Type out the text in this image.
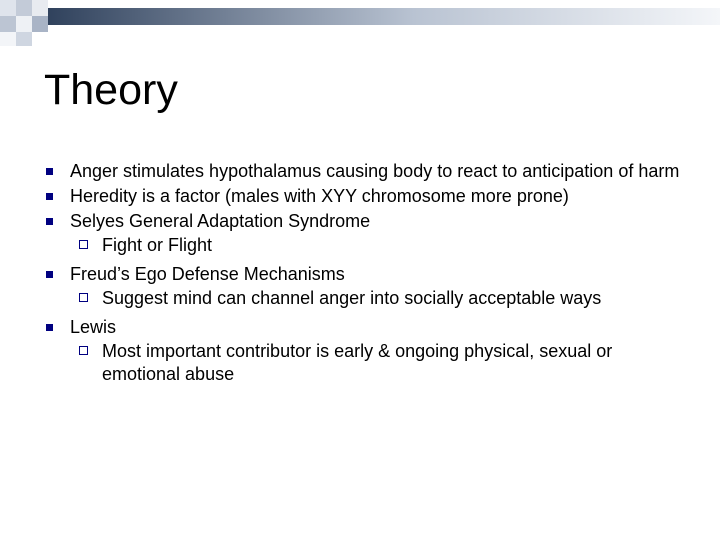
Theory
Anger stimulates hypothalamus causing body to react to anticipation of harm
Heredity is a factor (males with XYY chromosome more prone)
Selyes General Adaptation Syndrome
Fight or Flight
Freud’s Ego Defense Mechanisms
Suggest mind can channel anger into socially acceptable ways
Lewis
Most important contributor is early & ongoing physical, sexual or emotional abuse
